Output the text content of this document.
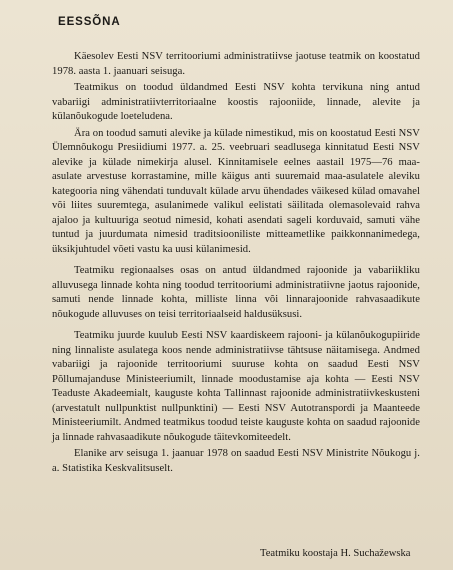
EESSÕNA

Käesolev Eesti NSV territooriumi administratiivse jaotuse teatmik on koostatud 1978. aasta 1. jaanuari seisuga.

Teatmikus on toodud üldandmed Eesti NSV kohta tervikuna ning antud vabariigi administratiivterritoriaalne koostis rajooniide, linnade, alevite ja külanõukogude loeteludena.

Ära on toodud samuti alevike ja külade nimestikud, mis on koostatud Eesti NSV Ülemnõukogu Presiidiumi 1977. a. 25. veebruari seadlusega kinnitatud Eesti NSV alevike ja külade nimekirja alusel. Kinnitamisele eelnes aastail 1975—76 maa-asulate arvestuse korrastamine, mille käigus anti suuremaid maa-asulatele aleviku kategooria ning vähendati tunduvalt külade arvu ühendades väikesed külad omavahel või liites suuremtega, asulanimede valikul eelistati säilitada olemasolevaid rahva ajaloo ja kultuuriga seotud nimesid, kohati asendati sageli korduvaid, samuti vähe tuntud ja juurdumata nimesid traditsiooniliste mitteametlike paikkonnanimedega, üksikjuhtudel võeti vastu ka uusi külanimesid.

Teatmiku regionaalses osas on antud üldandmed rajoonide ja vabariikliku alluvusega linnade kohta ning toodud territooriumi administratiivne jaotus rajoonide, samuti nende linnade kohta, milliste linna või linnarajoonide rahvasaadikute nõukogude alluvuses on teisi territoriaalseid haldusüksusi.

Teatmiku juurde kuulub Eesti NSV kaardiskeem rajooni- ja külanõukogupiiride ning linnaliste asulatega koos nende administratiivse tähtsuse näitamisega. Andmed vabariigi ja rajoonide territooriumi suuruse kohta on saadud Eesti NSV Põllumajanduse Ministeeriumilt, linnade moodustamise aja kohta — Eesti NSV Teaduste Akadeemialt, kauguste kohta Tallinnast rajoonide administratiivkeskusteni (arvestatult nullpunktist nullpunktini) — Eesti NSV Autotranspordi ja Maanteede Ministeeriumilt. Andmed teatmikus toodud teiste kauguste kohta on saadud rajoonide ja linnade rahvasaadikute nõukogude täitevkomiteedelt.

Elanike arv seisuga 1. jaanuar 1978 on saadud Eesti NSV Ministrite Nõukogu j. a. Statistika Keskvalitsuselt.

Teatmiku koostaja H. Suchažewska
